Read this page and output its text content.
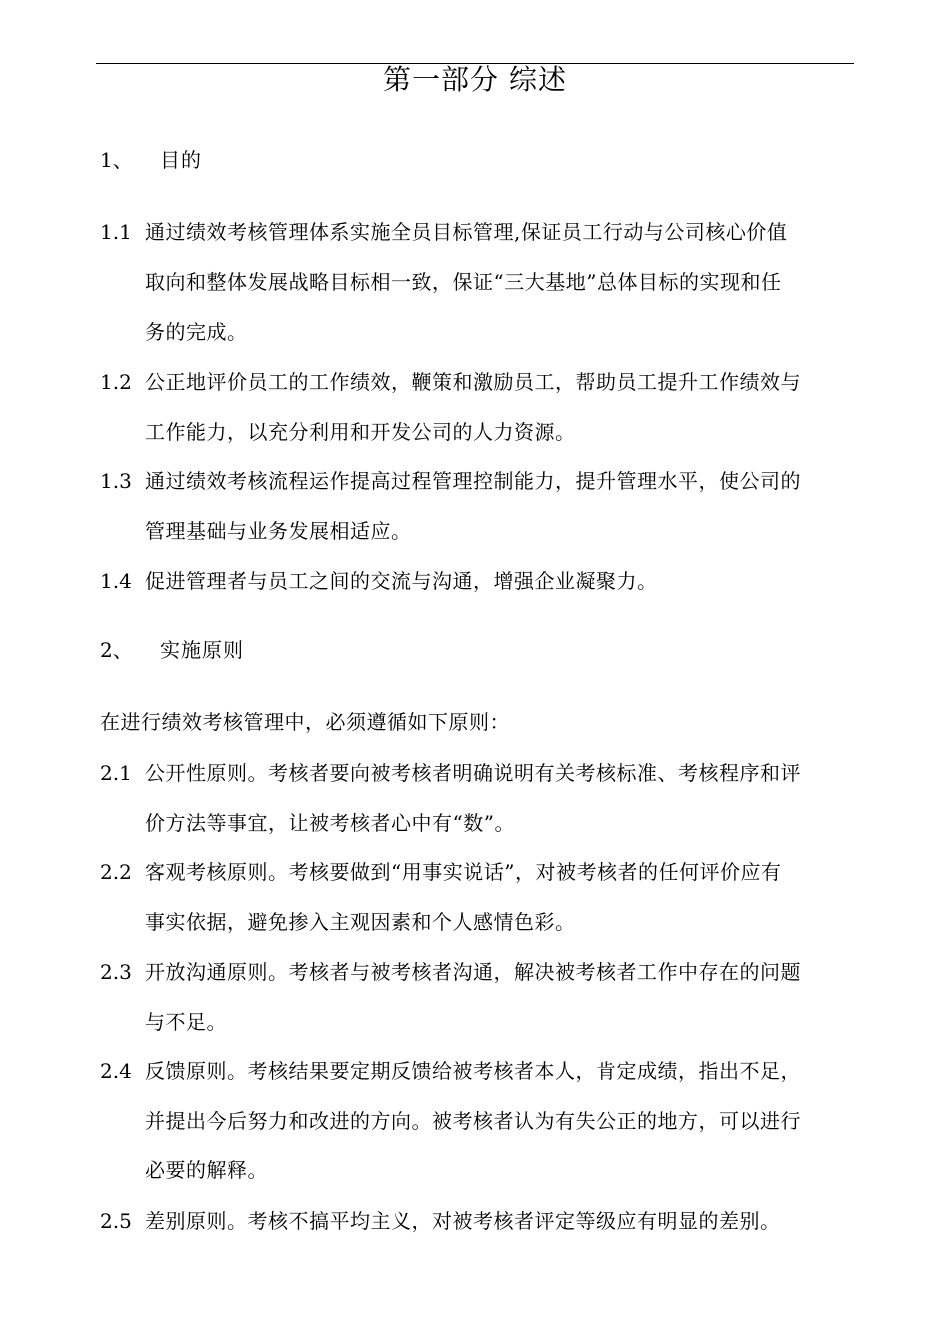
第一部分 综述
1、 目的
1.1 通过绩效考核管理体系实施全员目标管理,保证员工行动与公司核心价值
取向和整体发展战略目标相一致，保证“三大基地”总体目标的实现和任
务的完成。
1.2 公正地评价员工的工作绩效，鞭策和激励员工，帮助员工提升工作绩效与
工作能力，以充分利用和开发公司的人力资源。
1.3 通过绩效考核流程运作提高过程管理控制能力，提升管理水平，使公司的
管理基础与业务发展相适应。
1.4 促进管理者与员工之间的交流与沟通，增强企业凝聚力。
2、 实施原则
在进行绩效考核管理中，必须遵循如下原则：
2.1 公开性原则。考核者要向被考核者明确说明有关考核标准、考核程序和评
价方法等事宜，让被考核者心中有“数”。
2.2 客观考核原则。考核要做到“用事实说话”，对被考核者的任何评价应有
事实依据，避免掺入主观因素和个人感情色彩。
2.3 开放沟通原则。考核者与被考核者沟通，解决被考核者工作中存在的问题
与不足。
2.4 反馈原则。考核结果要定期反馈给被考核者本人，肯定成绩，指出不足，
并提出今后努力和改进的方向。被考核者认为有失公正的地方，可以进行
必要的解释。
2.5 差别原则。考核不搞平均主义，对被考核者评定等级应有明显的差别。
